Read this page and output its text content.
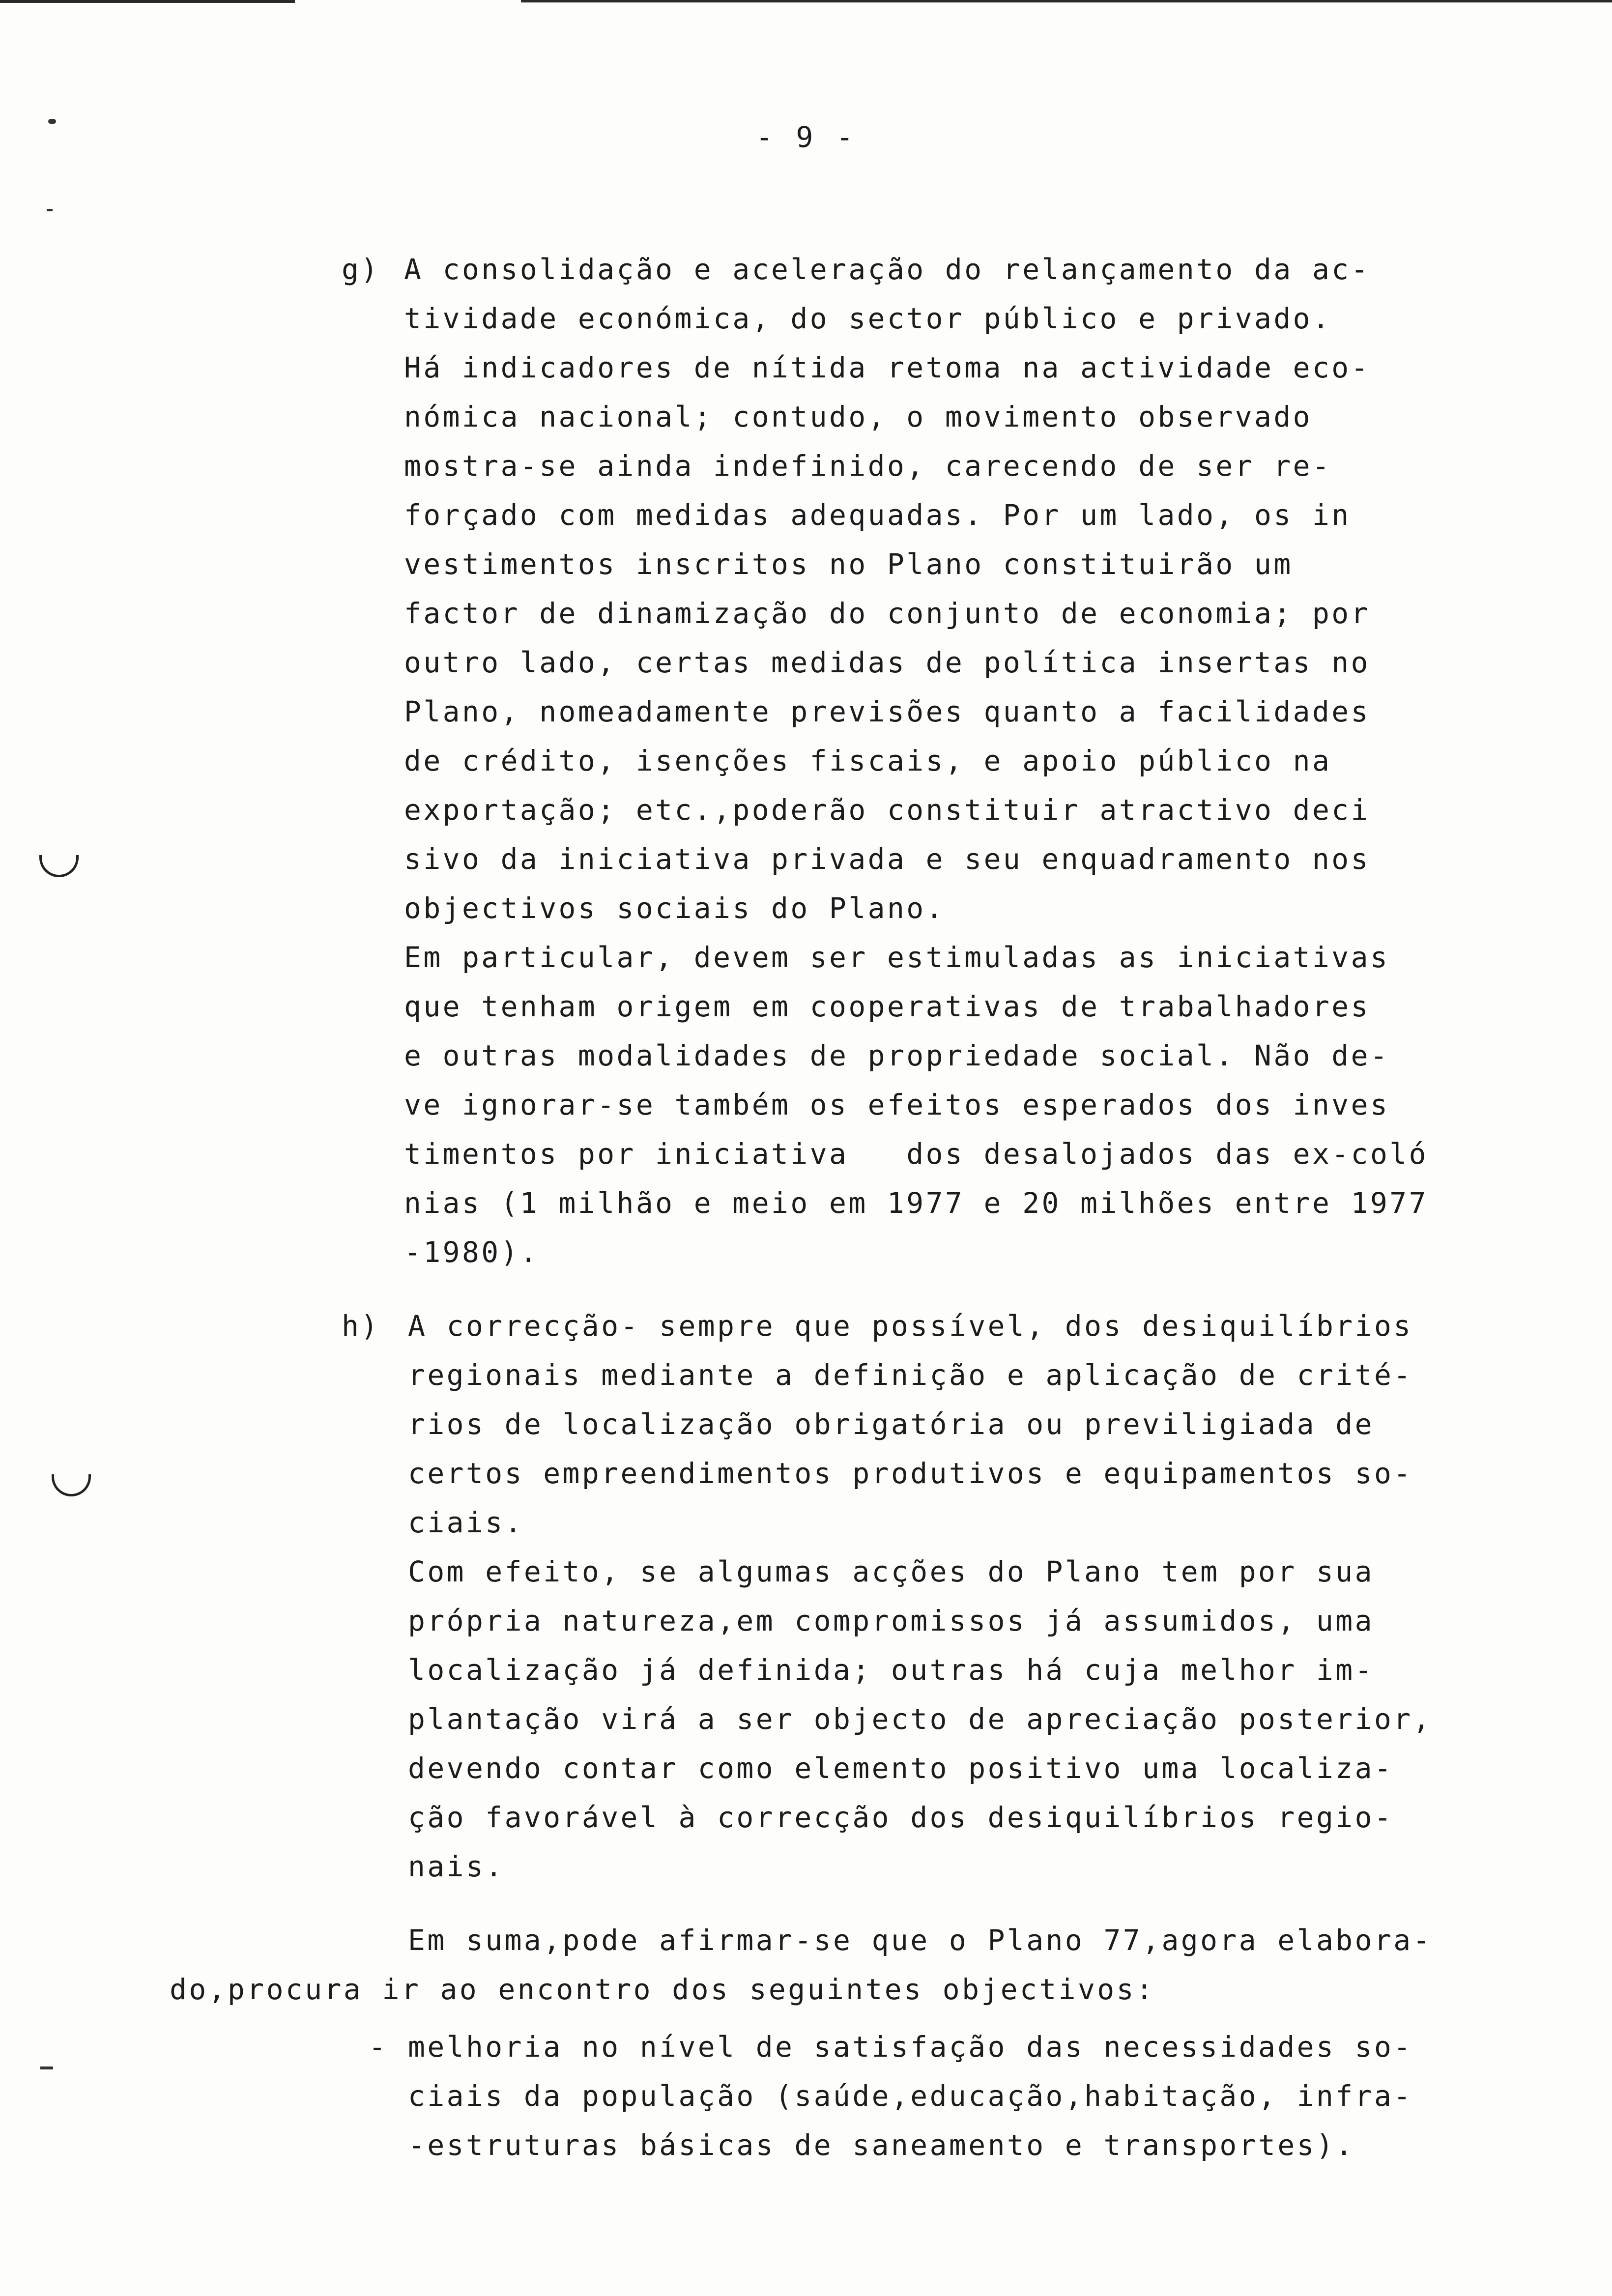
- 9 -
g) A consolidação e aceleração do relançamento da ac-
tividade económica, do sector público e privado.
Há indicadores de nítida retoma na actividade eco-
nómica nacional; contudo, o movimento observado
mostra-se ainda indefinido, carecendo de ser re-
forçado com medidas adequadas. Por um lado, os in
vestimentos inscritos no Plano constituirão um
factor de dinamização do conjunto de economia; por
outro lado, certas medidas de política insertas no
Plano, nomeadamente previsões quanto a facilidades
de crédito, isenções fiscais, e apoio público na
exportação; etc.,poderão constituir atractivo deci
sivo da iniciativa privada e seu enquadramento nos
objectivos sociais do Plano.
Em particular, devem ser estimuladas as iniciativas
que tenham origem em cooperativas de trabalhadores
e outras modalidades de propriedade social. Não de-
ve ignorar-se também os efeitos esperados dos inves
timentos por iniciativa   dos desalojados das ex-coló
nias (1 milhão e meio em 1977 e 20 milhões entre 1977
-1980).
h) A correcção- sempre que possível, dos desiquilíbrios
regionais mediante a definição e aplicação de crité-
rios de localização obrigatória ou previligiada de
certos empreendimentos produtivos e equipamentos so-
ciais.
Com efeito, se algumas acções do Plano tem por sua
própria natureza,em compromissos já assumidos, uma
localização já definida; outras há cuja melhor im-
plantação virá a ser objecto de apreciação posterior,
devendo contar como elemento positivo uma localiza-
ção favorável à correcção dos desiquilíbrios regio-
nais.
Em suma,pode afirmar-se que o Plano 77,agora elabora-
do,procura ir ao encontro dos seguintes objectivos:
- melhoria no nível de satisfação das necessidades so-
ciais da população (saúde,educação,habitação, infra-
-estruturas básicas de saneamento e transportes).
